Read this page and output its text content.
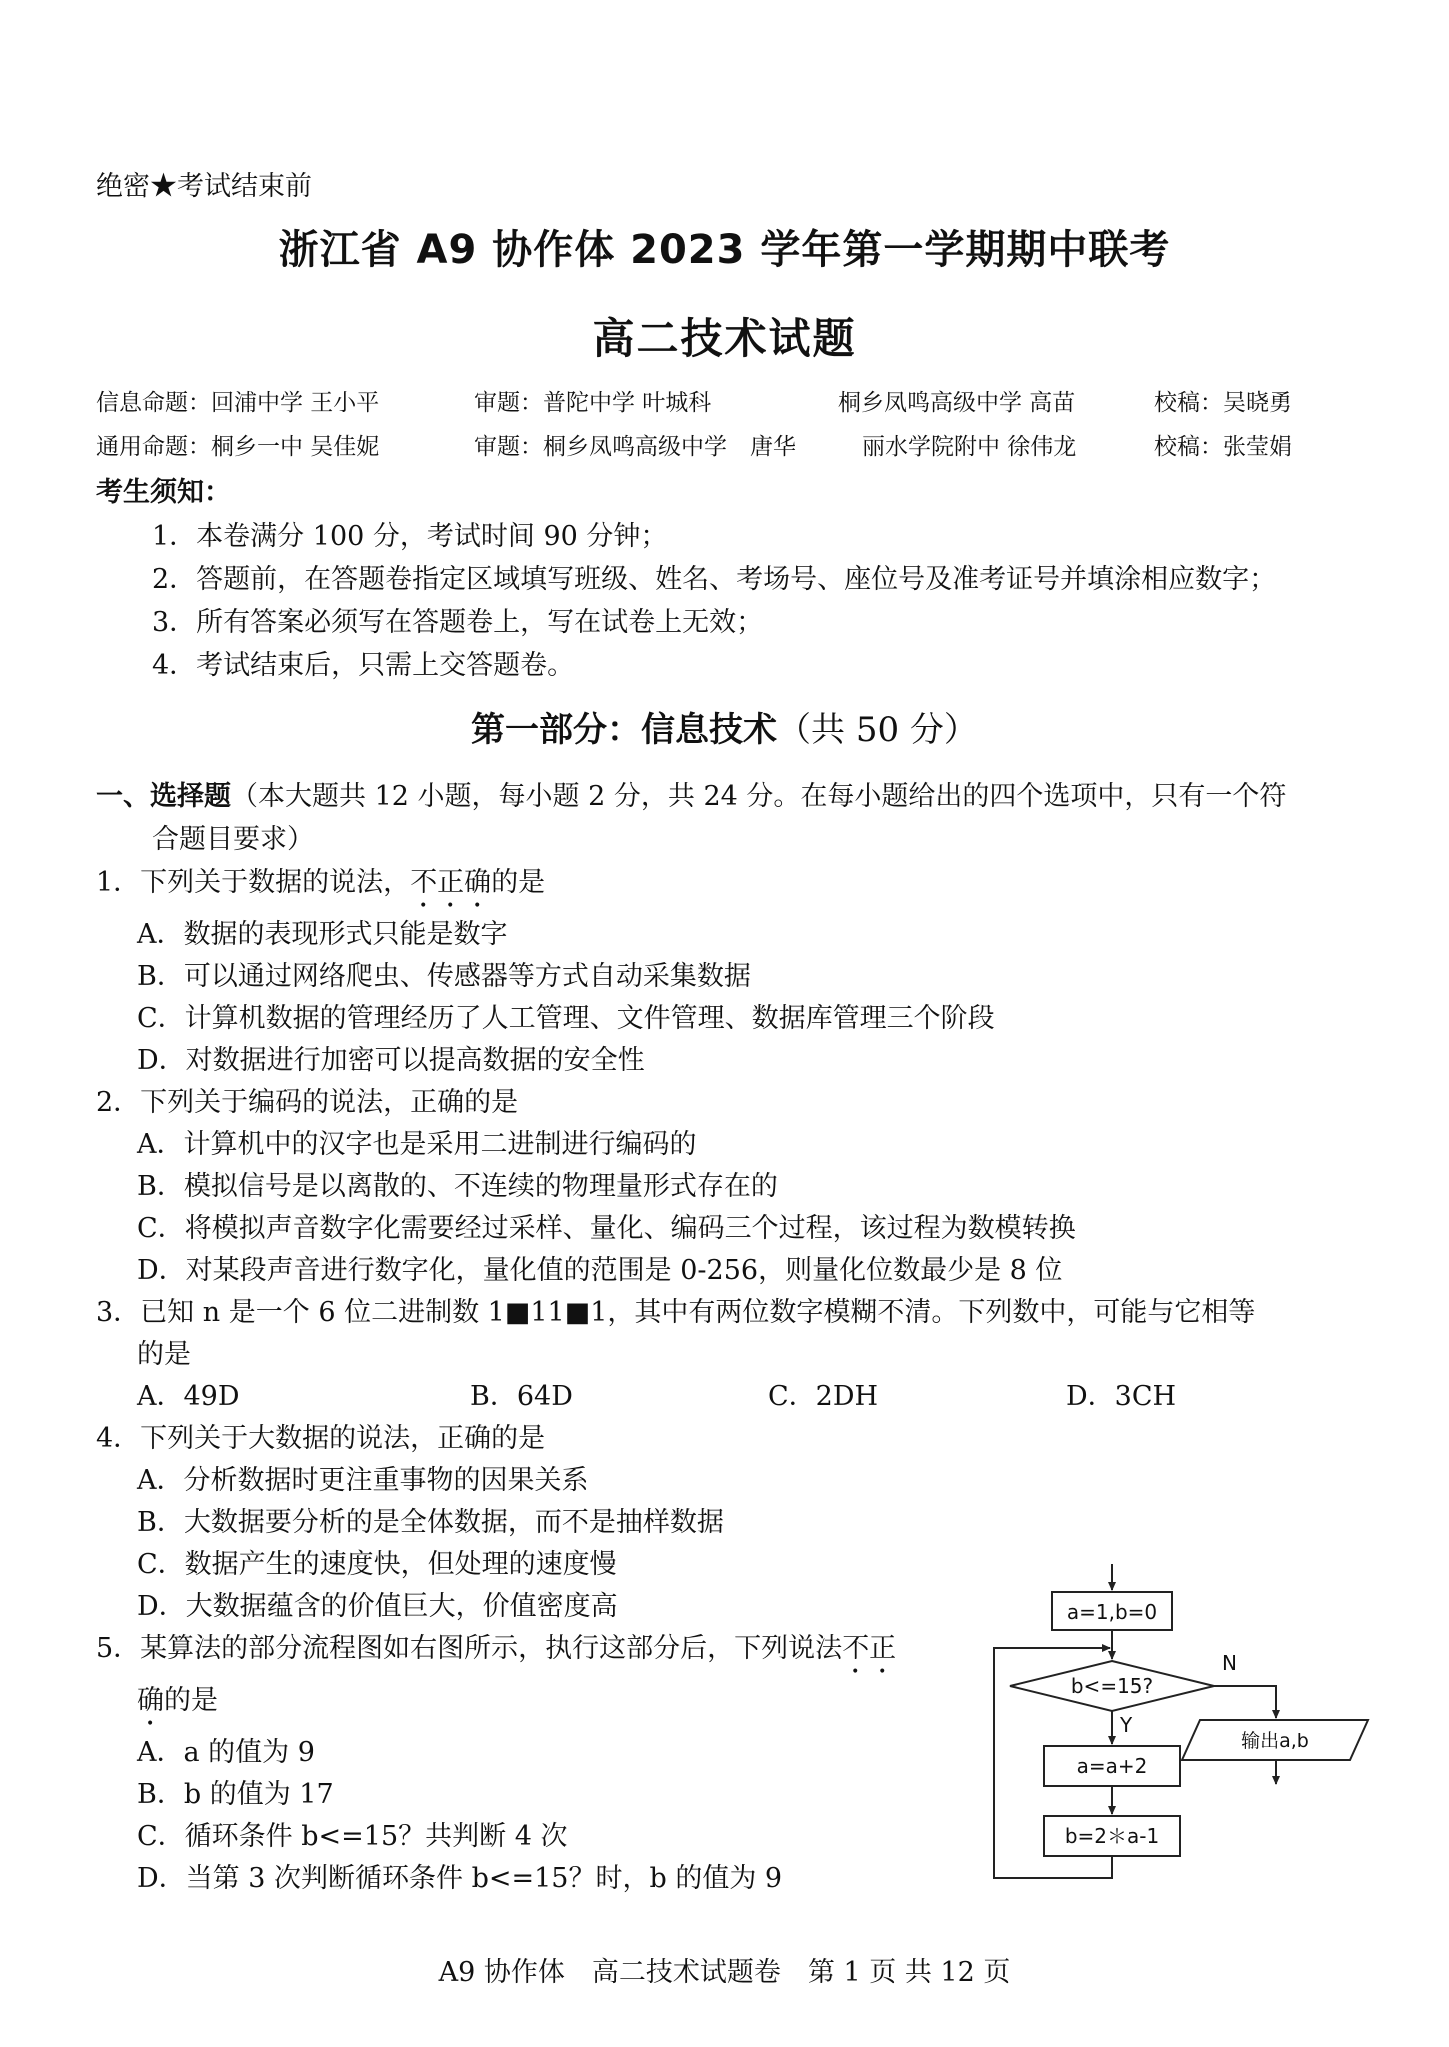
绝密★考试结束前
浙江省 A9 协作体 2023 学年第一学期期中联考
高二技术试题
信息命题：回浦中学 王小平	审题：普陀中学 叶城科	桐乡凤鸣高级中学 高苗	校稿：吴晓勇
通用命题：桐乡一中 吴佳妮	审题：桐乡凤鸣高级中学　唐华	丽水学院附中 徐伟龙	校稿：张莹娟
考生须知：
1．本卷满分 100 分，考试时间 90 分钟；
2．答题前，在答题卷指定区域填写班级、姓名、考场号、座位号及准考证号并填涂相应数字；
3．所有答案必须写在答题卷上，写在试卷上无效；
4．考试结束后，只需上交答题卷。
第一部分：信息技术（共 50 分）
一、选择题（本大题共 12 小题，每小题 2 分，共 24 分。在每小题给出的四个选项中，只有一个符
合题目要求）
1．下列关于数据的说法，不正确的是
A．数据的表现形式只能是数字
B．可以通过网络爬虫、传感器等方式自动采集数据
C．计算机数据的管理经历了人工管理、文件管理、数据库管理三个阶段
D．对数据进行加密可以提高数据的安全性
2．下列关于编码的说法，正确的是
A．计算机中的汉字也是采用二进制进行编码的
B．模拟信号是以离散的、不连续的物理量形式存在的
C．将模拟声音数字化需要经过采样、量化、编码三个过程，该过程为数模转换
D．对某段声音进行数字化，量化值的范围是 0-256，则量化位数最少是 8 位
3．已知 n 是一个 6 位二进制数 1■11■1，其中有两位数字模糊不清。下列数中，可能与它相等
的是
A．49D	B．64D	C．2DH	D．3CH
4．下列关于大数据的说法，正确的是
A．分析数据时更注重事物的因果关系
B．大数据要分析的是全体数据，而不是抽样数据
C．数据产生的速度快，但处理的速度慢
D．大数据蕴含的价值巨大，价值密度高
5．某算法的部分流程图如右图所示，执行这部分后，下列说法不正
确的是
A．a 的值为 9
B．b 的值为 17
C．循环条件 b<=15？共判断 4 次
D．当第 3 次判断循环条件 b<=15？时，b 的值为 9
a=1,b=0
b<=15?
N
Y
输出a,b
a=a+2
b=2＊a-1
A9 协作体　高二技术试题卷　第 1 页 共 12 页
